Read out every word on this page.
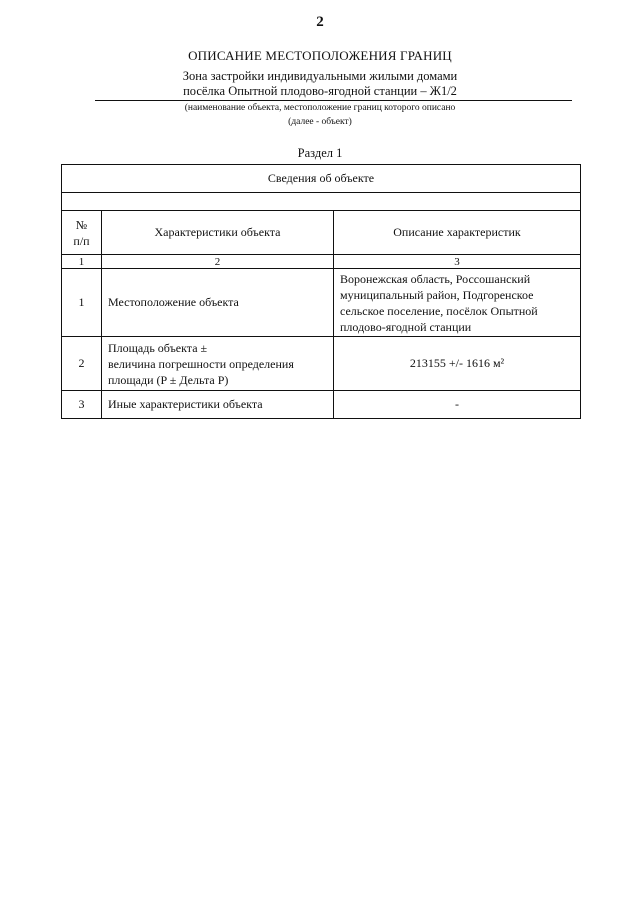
2
ОПИСАНИЕ МЕСТОПОЛОЖЕНИЯ ГРАНИЦ
Зона застройки индивидуальными жилыми домами
посёлка Опытной плодово-ягодной станции – Ж1/2
(наименование объекта, местоположение границ которого описано
(далее - объект)
Раздел 1
Сведения об объекте		

№
п/п	Характеристики объекта	Описание характеристик
1	2	3
1	Местоположение объекта	Воронежская область, Россошанский
муниципальный район, Подгоренское
сельское поселение, посёлок Опытной
плодово-ягодной станции
2	Площадь объекта ±
величина погрешности определения
площади (P ± Дельта P)	213155 +/- 1616 м²
3	Иные характеристики объекта	-
